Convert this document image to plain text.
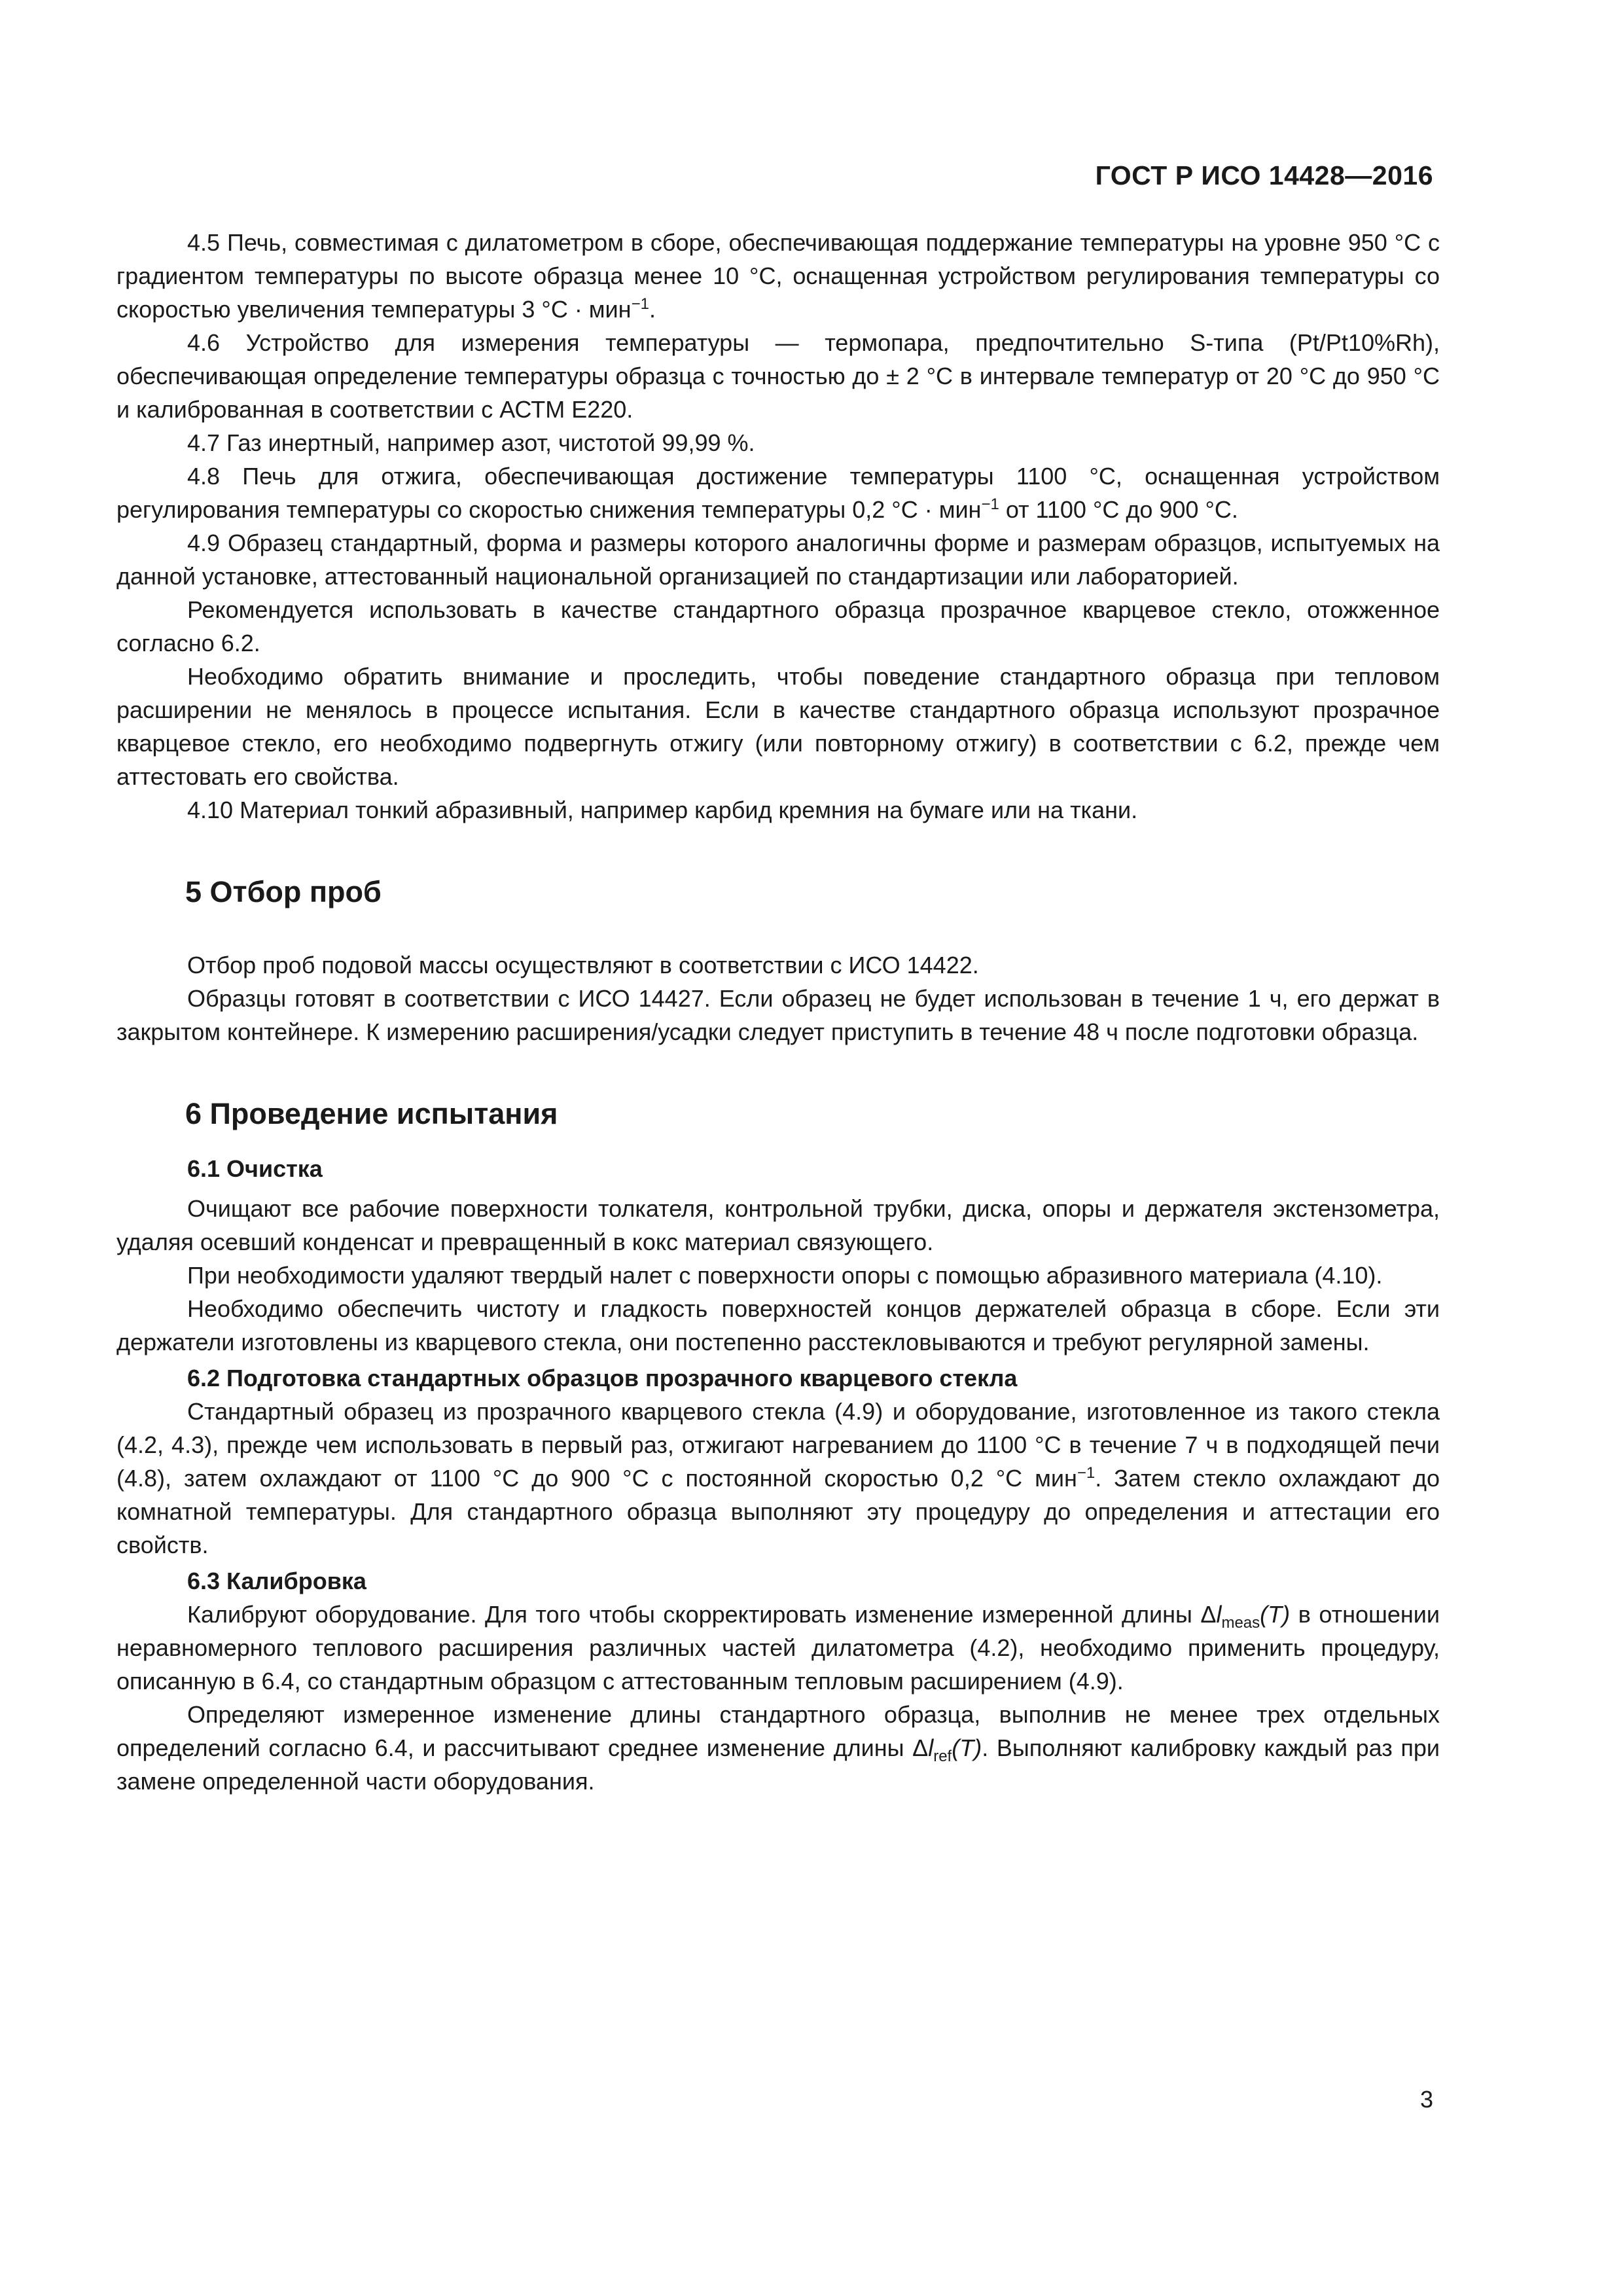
ГОСТ Р ИСО 14428—2016

4.5 Печь, совместимая с дилатометром в сборе, обеспечивающая поддержание температуры на уровне 950 °С с градиентом температуры по высоте образца менее 10 °С, оснащенная устройством регулирования температуры со скоростью увеличения температуры 3 °С · мин$^{-1}$.

4.6 Устройство для измерения температуры — термопара, предпочтительно S-типа (Pt/Pt10%Rh), обеспечивающая определение температуры образца с точностью до ± 2 °С в интервале температур от 20 °С до 950 °С и калиброванная в соответствии с АСТМ Е220.

4.7 Газ инертный, например азот, чистотой 99,99 %.

4.8 Печь для отжига, обеспечивающая достижение температуры 1100 °С, оснащенная устройством регулирования температуры со скоростью снижения температуры 0,2 °С · мин$^{-1}$ от 1100 °С до 900 °С.

4.9 Образец стандартный, форма и размеры которого аналогичны форме и размерам образцов, испытуемых на данной установке, аттестованный национальной организацией по стандартизации или лабораторией.

Рекомендуется использовать в качестве стандартного образца прозрачное кварцевое стекло, отожженное согласно 6.2.

Необходимо обратить внимание и проследить, чтобы поведение стандартного образца при тепловом расширении не менялось в процессе испытания. Если в качестве стандартного образца используют прозрачное кварцевое стекло, его необходимо подвергнуть отжигу (или повторному отжигу) в соответствии с 6.2, прежде чем аттестовать его свойства.

4.10 Материал тонкий абразивный, например карбид кремния на бумаге или на ткани.

5 Отбор проб

Отбор проб подовой массы осуществляют в соответствии с ИСО 14422.

Образцы готовят в соответствии с ИСО 14427. Если образец не будет использован в течение 1 ч, его держат в закрытом контейнере. К измерению расширения/усадки следует приступить в течение 48 ч после подготовки образца.

6 Проведение испытания
6.1 Очистка

Очищают все рабочие поверхности толкателя, контрольной трубки, диска, опоры и держателя экстензометра, удаляя осевший конденсат и превращенный в кокс материал связующего.

При необходимости удаляют твердый налет с поверхности опоры с помощью абразивного материала (4.10).

Необходимо обеспечить чистоту и гладкость поверхностей концов держателей образца в сборе. Если эти держатели изготовлены из кварцевого стекла, они постепенно расстекловываются и требуют регулярной замены.

6.2 Подготовка стандартных образцов прозрачного кварцевого стекла

Стандартный образец из прозрачного кварцевого стекла (4.9) и оборудование, изготовленное из такого стекла (4.2, 4.3), прежде чем использовать в первый раз, отжигают нагреванием до 1100 °С в течение 7 ч в подходящей печи (4.8), затем охлаждают от 1100 °С до 900 °С с постоянной скоростью 0,2 °С мин$^{-1}$. Затем стекло охлаждают до комнатной температуры. Для стандартного образца выполняют эту процедуру до определения и аттестации его свойств.

6.3 Калибровка

Калибруют оборудование. Для того чтобы скорректировать изменение измеренной длины $\Delta l_{meas}(T)$ в отношении неравномерного теплового расширения различных частей дилатометра (4.2), необходимо применить процедуру, описанную в 6.4, со стандартным образцом с аттестованным тепловым расширением (4.9).

Определяют измеренное изменение длины стандартного образца, выполнив не менее трех отдельных определений согласно 6.4, и рассчитывают среднее изменение длины $\Delta l_{ref}(T)$. Выполняют калибровку каждый раз при замене определенной части оборудования.

3
